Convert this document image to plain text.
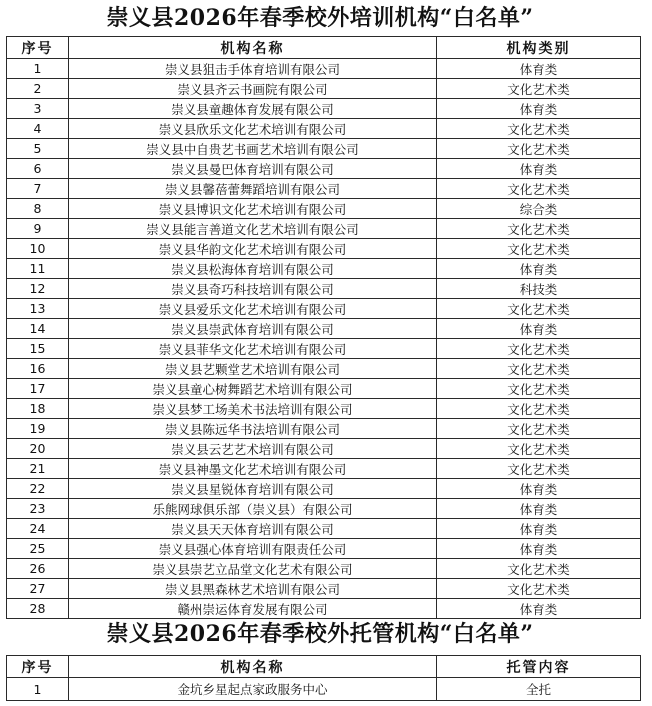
崇义县2026年春季校外培训机构“白名单”
序号	机构名称	机构类别
1	崇义县狙击手体育培训有限公司	体育类
2	崇义县齐云书画院有限公司	文化艺术类
3	崇义县童趣体育发展有限公司	体育类
4	崇义县欣乐文化艺术培训有限公司	文化艺术类
5	崇义县中自贵艺书画艺术培训有限公司	文化艺术类
6	崇义县曼巴体育培训有限公司	体育类
7	崇义县馨蓓蕾舞蹈培训有限公司	文化艺术类
8	崇义县博识文化艺术培训有限公司	综合类
9	崇义县能言善道文化艺术培训有限公司	文化艺术类
10	崇义县华韵文化艺术培训有限公司	文化艺术类
11	崇义县松海体育培训有限公司	体育类
12	崇义县奇巧科技培训有限公司	科技类
13	崇义县爱乐文化艺术培训有限公司	文化艺术类
14	崇义县崇武体育培训有限公司	体育类
15	崇义县菲华文化艺术培训有限公司	文化艺术类
16	崇义县艺颗堂艺术培训有限公司	文化艺术类
17	崇义县童心树舞蹈艺术培训有限公司	文化艺术类
18	崇义县梦工场美术书法培训有限公司	文化艺术类
19	崇义县陈远华书法培训有限公司	文化艺术类
20	崇义县云艺艺术培训有限公司	文化艺术类
21	崇义县神墨文化艺术培训有限公司	文化艺术类
22	崇义县星锐体育培训有限公司	体育类
23	乐熊网球俱乐部（崇义县）有限公司	体育类
24	崇义县天天体育培训有限公司	体育类
25	崇义县强心体育培训有限责任公司	体育类
26	崇义县崇艺立品堂文化艺术有限公司	文化艺术类
27	崇义县黑森林艺术培训有限公司	文化艺术类
28	赣州崇运体育发展有限公司	体育类
崇义县2026年春季校外托管机构“白名单”
序号	机构名称	托管内容
1	金坑乡星起点家政服务中心	全托
